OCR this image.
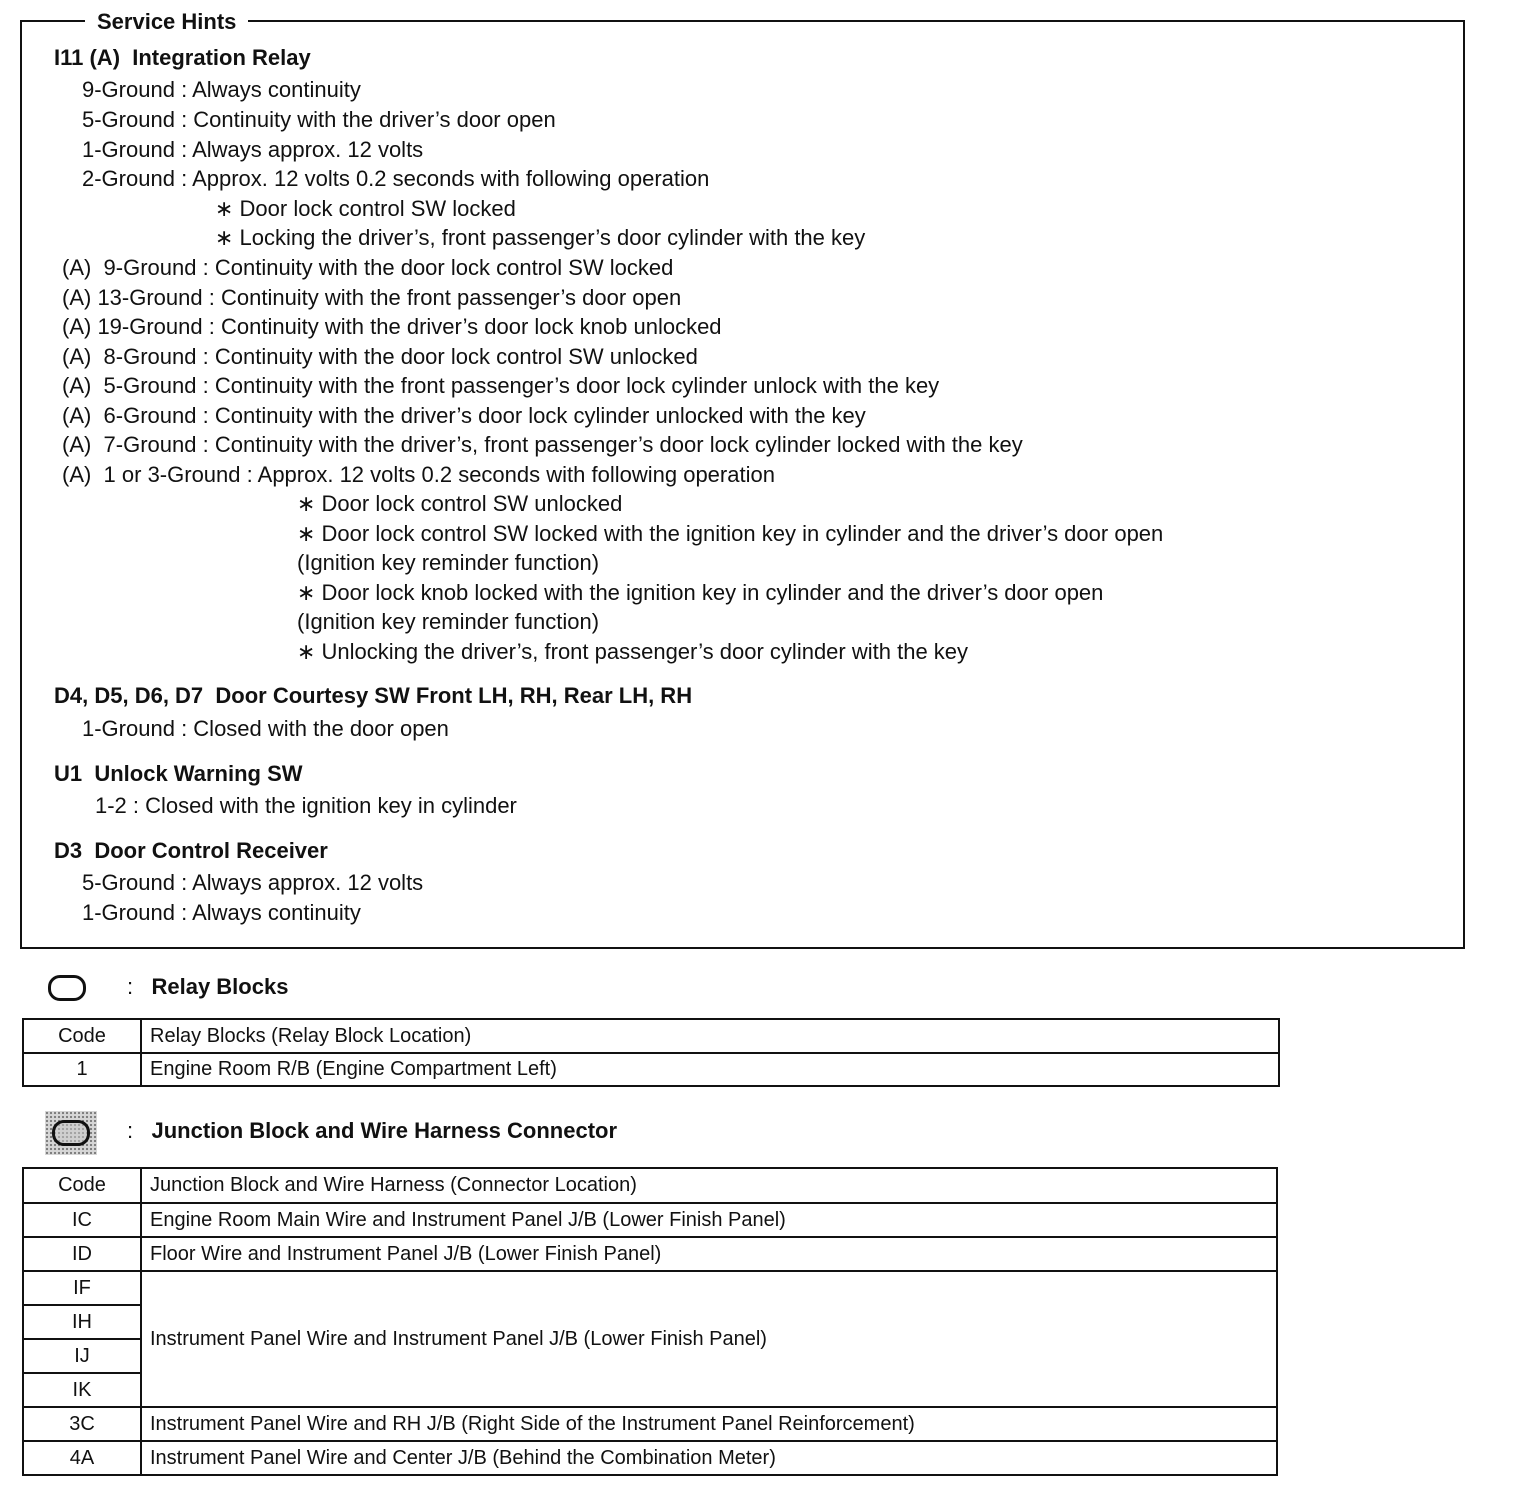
Service Hints
I11 (A)  Integration Relay
9-Ground : Always continuity
5-Ground : Continuity with the driver’s door open
1-Ground : Always approx. 12 volts
2-Ground : Approx. 12 volts 0.2 seconds with following operation
∗ Door lock control SW locked
∗ Locking the driver’s, front passenger’s door cylinder with the key
(A)  9-Ground : Continuity with the door lock control SW locked
(A) 13-Ground : Continuity with the front passenger’s door open
(A) 19-Ground : Continuity with the driver’s door lock knob unlocked
(A)  8-Ground : Continuity with the door lock control SW unlocked
(A)  5-Ground : Continuity with the front passenger’s door lock cylinder unlock with the key
(A)  6-Ground : Continuity with the driver’s door lock cylinder unlocked with the key
(A)  7-Ground : Continuity with the driver’s, front passenger’s door lock cylinder locked with the key
(A)  1 or 3-Ground : Approx. 12 volts 0.2 seconds with following operation
∗ Door lock control SW unlocked
∗ Door lock control SW locked with the ignition key in cylinder and the driver’s door open
(Ignition key reminder function)
∗ Door lock knob locked with the ignition key in cylinder and the driver’s door open
(Ignition key reminder function)
∗ Unlocking the driver’s, front passenger’s door cylinder with the key
D4, D5, D6, D7  Door Courtesy SW Front LH, RH, Rear LH, RH
1-Ground : Closed with the door open
U1  Unlock Warning SW
1-2 : Closed with the ignition key in cylinder
D3  Door Control Receiver
5-Ground : Always approx. 12 volts
1-Ground : Always continuity
: Relay Blocks
Code	Relay Blocks (Relay Block Location)
1	Engine Room R/B (Engine Compartment Left)
: Junction Block and Wire Harness Connector
Code	Junction Block and Wire Harness (Connector Location)
IC	Engine Room Main Wire and Instrument Panel J/B (Lower Finish Panel)
ID	Floor Wire and Instrument Panel J/B (Lower Finish Panel)
IF	Instrument Panel Wire and Instrument Panel J/B (Lower Finish Panel)
IH	
IJ	
IK	
3C	Instrument Panel Wire and RH J/B (Right Side of the Instrument Panel Reinforcement)
4A	Instrument Panel Wire and Center J/B (Behind the Combination Meter)
